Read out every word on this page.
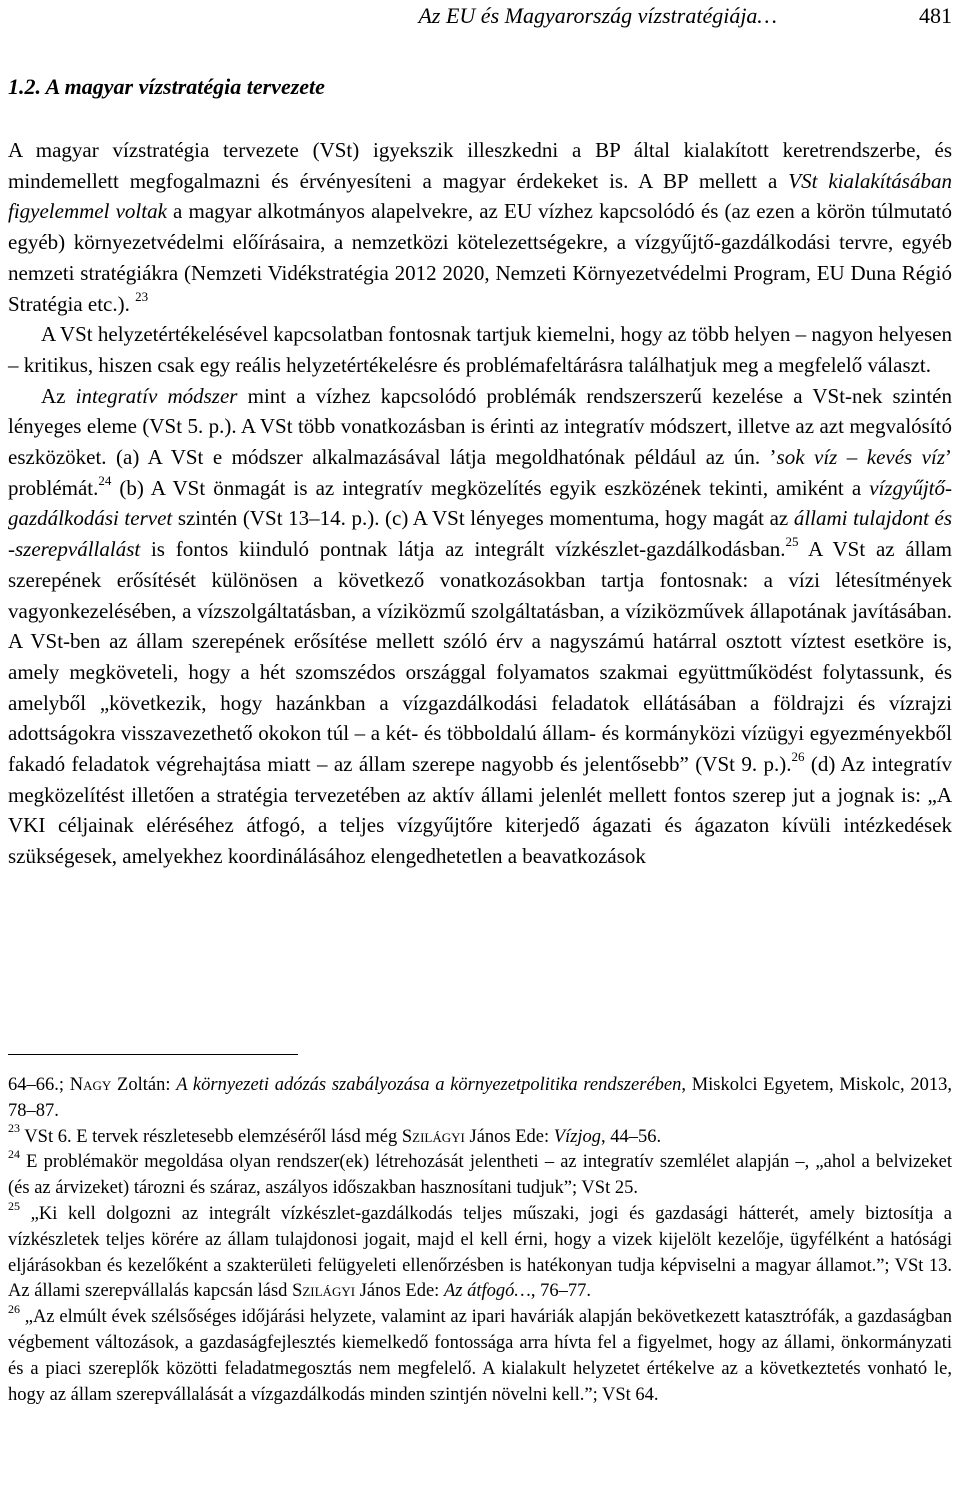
Az EU és Magyarország vízstratégiája…	481
1.2. A magyar vízstratégia tervezete

A magyar vízstratégia tervezete (VSt) igyekszik illeszkedni a BP által kialakított keretrendszerbe, és mindemellett megfogalmazni és érvényesíteni a magyar érdekeket is. A BP mellett a VSt kialakításában figyelemmel voltak a magyar alkotmányos alapelvekre, az EU vízhez kapcsolódó és (az ezen a körön túlmutató egyéb) környezetvédelmi előírásaira, a nemzetközi kötelezettségekre, a vízgyűjtő-gazdálkodási tervre, egyéb nemzeti stratégiákra (Nemzeti Vidékstratégia 2012 2020, Nemzeti Környezetvédelmi Program, EU Duna Régió Stratégia etc.). $^{23}$

A VSt helyzetértékelésével kapcsolatban fontosnak tartjuk kiemelni, hogy az több helyen – nagyon helyesen – kritikus, hiszen csak egy reális helyzetértékelésre és problémafeltárásra találhatjuk meg a megfelelő választ.

Az integratív módszer mint a vízhez kapcsolódó problémák rendszerszerű kezelése a VSt-nek szintén lényeges eleme (VSt 5. p.). A VSt több vonatkozásban is érinti az integratív módszert, illetve az azt megvalósító eszközöket. (a) A VSt e módszer alkalmazásával látja megoldhatónak például az ún. ’sok víz – kevés víz’ problémát.$^{24}$ (b) A VSt önmagát is az integratív megközelítés egyik eszközének tekinti, amiként a vízgyűjtő-gazdálkodási tervet szintén (VSt 13–14. p.). (c) A VSt lényeges momentuma, hogy magát az állami tulajdont és -szerepvállalást is fontos kiinduló pontnak látja az integrált vízkészlet-gazdálkodásban.$^{25}$ A VSt az állam szerepének erősítését különösen a következő vonatkozásokban tartja fontosnak: a vízi létesítmények vagyonkezelésében, a vízszolgáltatásban, a víziközmű szolgáltatásban, a víziközművek állapotának javításában. A VSt-ben az állam szerepének erősítése mellett szóló érv a nagyszámú határral osztott víztest esetköre is, amely megköveteli, hogy a hét szomszédos országgal folyamatos szakmai együttműködést folytassunk, és amelyből „következik, hogy hazánkban a vízgazdálkodási feladatok ellátásában a földrajzi és vízrajzi adottságokra visszavezethető okokon túl – a két- és többoldalú állam- és kormányközi vízügyi egyezményekből fakadó feladatok végrehajtása miatt – az állam szerepe nagyobb és jelentősebb” (VSt 9. p.).$^{26}$ (d) Az integratív megközelítést illetően a stratégia tervezetében az aktív állami jelenlét mellett fontos szerep jut a jognak is: „A VKI céljainak eléréséhez átfogó, a teljes vízgyűjtőre kiterjedő ágazati és ágazaton kívüli intézkedések szükségesek, amelyekhez koordinálásához elengedhetetlen a beavatkozások

64–66.; Nagy Zoltán: A környezeti adózás szabályozása a környezetpolitika rendszerében, Miskolci Egyetem, Miskolc, 2013, 78–87.

$^{23}$ VSt 6. E tervek részletesebb elemzéséről lásd még Szilágyi János Ede: Vízjog, 44–56.

$^{24}$ E problémakör megoldása olyan rendszer(ek) létrehozását jelentheti – az integratív szemlélet alapján –, „ahol a belvizeket (és az árvizeket) tározni és száraz, aszályos időszakban hasznosítani tudjuk”; VSt 25.

$^{25}$ „Ki kell dolgozni az integrált vízkészlet-gazdálkodás teljes műszaki, jogi és gazdasági hátterét, amely biztosítja a vízkészletek teljes körére az állam tulajdonosi jogait, majd el kell érni, hogy a vizek kijelölt kezelője, ügyfélként a hatósági eljárásokban és kezelőként a szakterületi felügyeleti ellenőrzésben is hatékonyan tudja képviselni a magyar államot.”; VSt 13. Az állami szerepvállalás kapcsán lásd Szilágyi János Ede: Az átfogó…, 76–77.

$^{26}$ „Az elmúlt évek szélsőséges időjárási helyzete, valamint az ipari haváriák alapján bekövetkezett katasztrófák, a gazdaságban végbement változások, a gazdaságfejlesztés kiemelkedő fontossága arra hívta fel a figyelmet, hogy az állami, önkormányzati és a piaci szereplők közötti feladatmegosztás nem megfelelő. A kialakult helyzetet értékelve az a következtetés vonható le, hogy az állam szerepvállalását a vízgazdálkodás minden szintjén növelni kell.”; VSt 64.
